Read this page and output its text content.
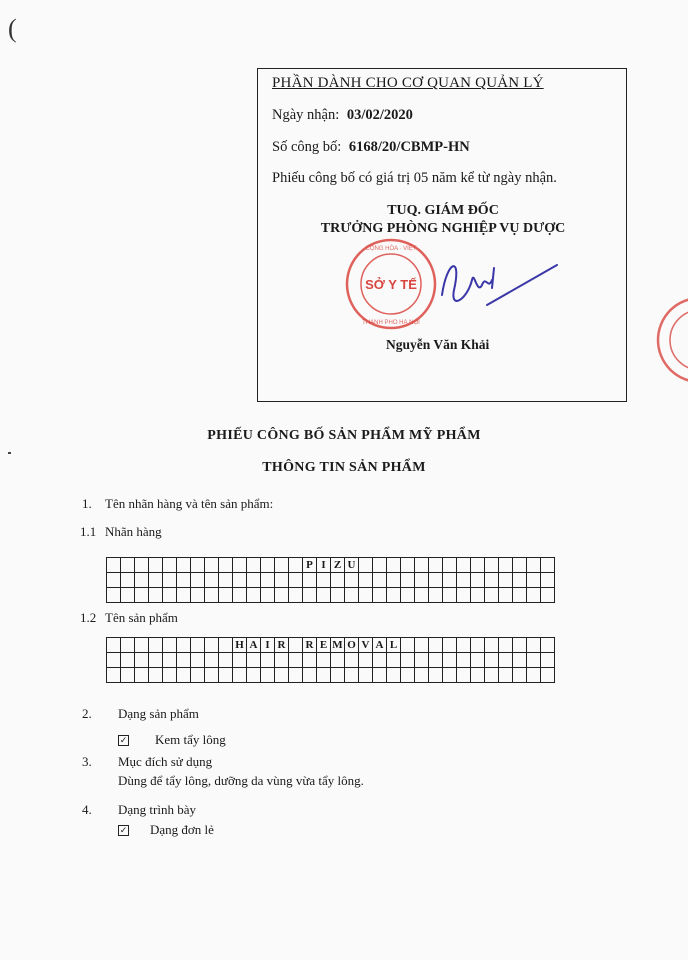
(
PHẦN DÀNH CHO CƠ QUAN QUẢN LÝ
Ngày nhận: 03/02/2020
Số công bố: 6168/20/CBMP-HN
Phiếu công bố có giá trị 05 năm kể từ ngày nhận.
TUQ. GIÁM ĐỐC
TRƯỞNG PHÒNG NGHIỆP VỤ DƯỢC
Nguyễn Văn Khải
SỞ Y TẾ
CỘNG HÒA · VIỆT
THÀNH PHỐ HÀ NỘI
PHIẾU CÔNG BỐ SẢN PHẨM MỸ PHẨM
THÔNG TIN SẢN PHẨM
1. Tên nhãn hàng và tên sản phẩm:
1.1 Nhãn hàng
														P	I	Z	U														

1.2 Tên sản phẩm
									H	A	I	R		R	E	M	O	V	A	L											

2. Dạng sản phẩm
✓ Kem tẩy lông
3. Mục đích sử dụng
Dùng để tẩy lông, dưỡng da vùng vừa tẩy lông.
4. Dạng trình bày
✓ Dạng đơn lẻ
